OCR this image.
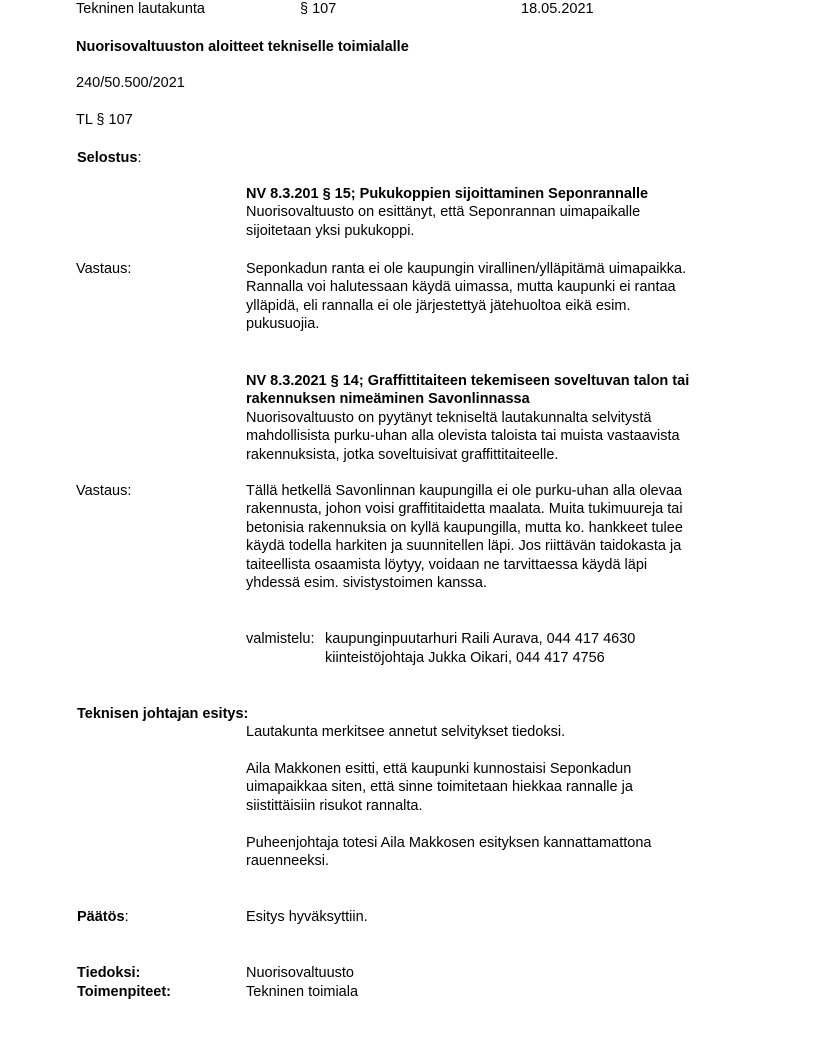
Tekninen lautakunta	§ 107	18.05.2021
Nuorisovaltuuston aloitteet tekniselle toimialalle
240/50.500/2021
TL § 107
Selostus:
NV 8.3.201 § 15; Pukukoppien sijoittaminen Seponrannalle
Nuorisovaltuusto on esittänyt, että Seponrannan uimapaikalle
sijoitetaan yksi pukukoppi.
Vastaus:	Seponkadun ranta ei ole kaupungin virallinen/ylläpitämä uimapaikka.
Rannalla voi halutessaan käydä uimassa, mutta kaupunki ei rantaa
ylläpidä, eli rannalla ei ole järjestettyä jätehuoltoa eikä esim.
pukusuojia.
NV 8.3.2021 § 14; Graffittitaiteen tekemiseen soveltuvan talon tai
rakennuksen nimeäminen Savonlinnassa
Nuorisovaltuusto on pyytänyt tekniseltä lautakunnalta selvitystä
mahdollisista purku-uhan alla olevista taloista tai muista vastaavista
rakennuksista, jotka soveltuisivat graffittitaiteelle.
Vastaus:	Tällä hetkellä Savonlinnan kaupungilla ei ole purku-uhan alla olevaa
rakennusta, johon voisi graffititaidetta maalata. Muita tukimuureja tai
betonisia rakennuksia on kyllä kaupungilla, mutta ko. hankkeet tulee
käydä todella harkiten ja suunnitellen läpi. Jos riittävän taidokasta ja
taiteellista osaamista löytyy, voidaan ne tarvittaessa käydä läpi
yhdessä esim. sivistystoimen kanssa.
valmistelu: kaupunginpuutarhuri Raili Aurava, 044 417 4630
kiinteistöjohtaja Jukka Oikari, 044 417 4756
Teknisen johtajan esitys:
Lautakunta merkitsee annetut selvitykset tiedoksi.
Aila Makkonen esitti, että kaupunki kunnostaisi Seponkadun
uimapaikkaa siten, että sinne toimitetaan hiekkaa rannalle ja
siistittäisiin risukot rannalta.
Puheenjohtaja totesi Aila Makkosen esityksen kannattamattona
rauenneeksi.
Päätös:	Esitys hyväksyttiin.
Tiedoksi:	Nuorisovaltuusto
Toimenpiteet:	Tekninen toimiala
